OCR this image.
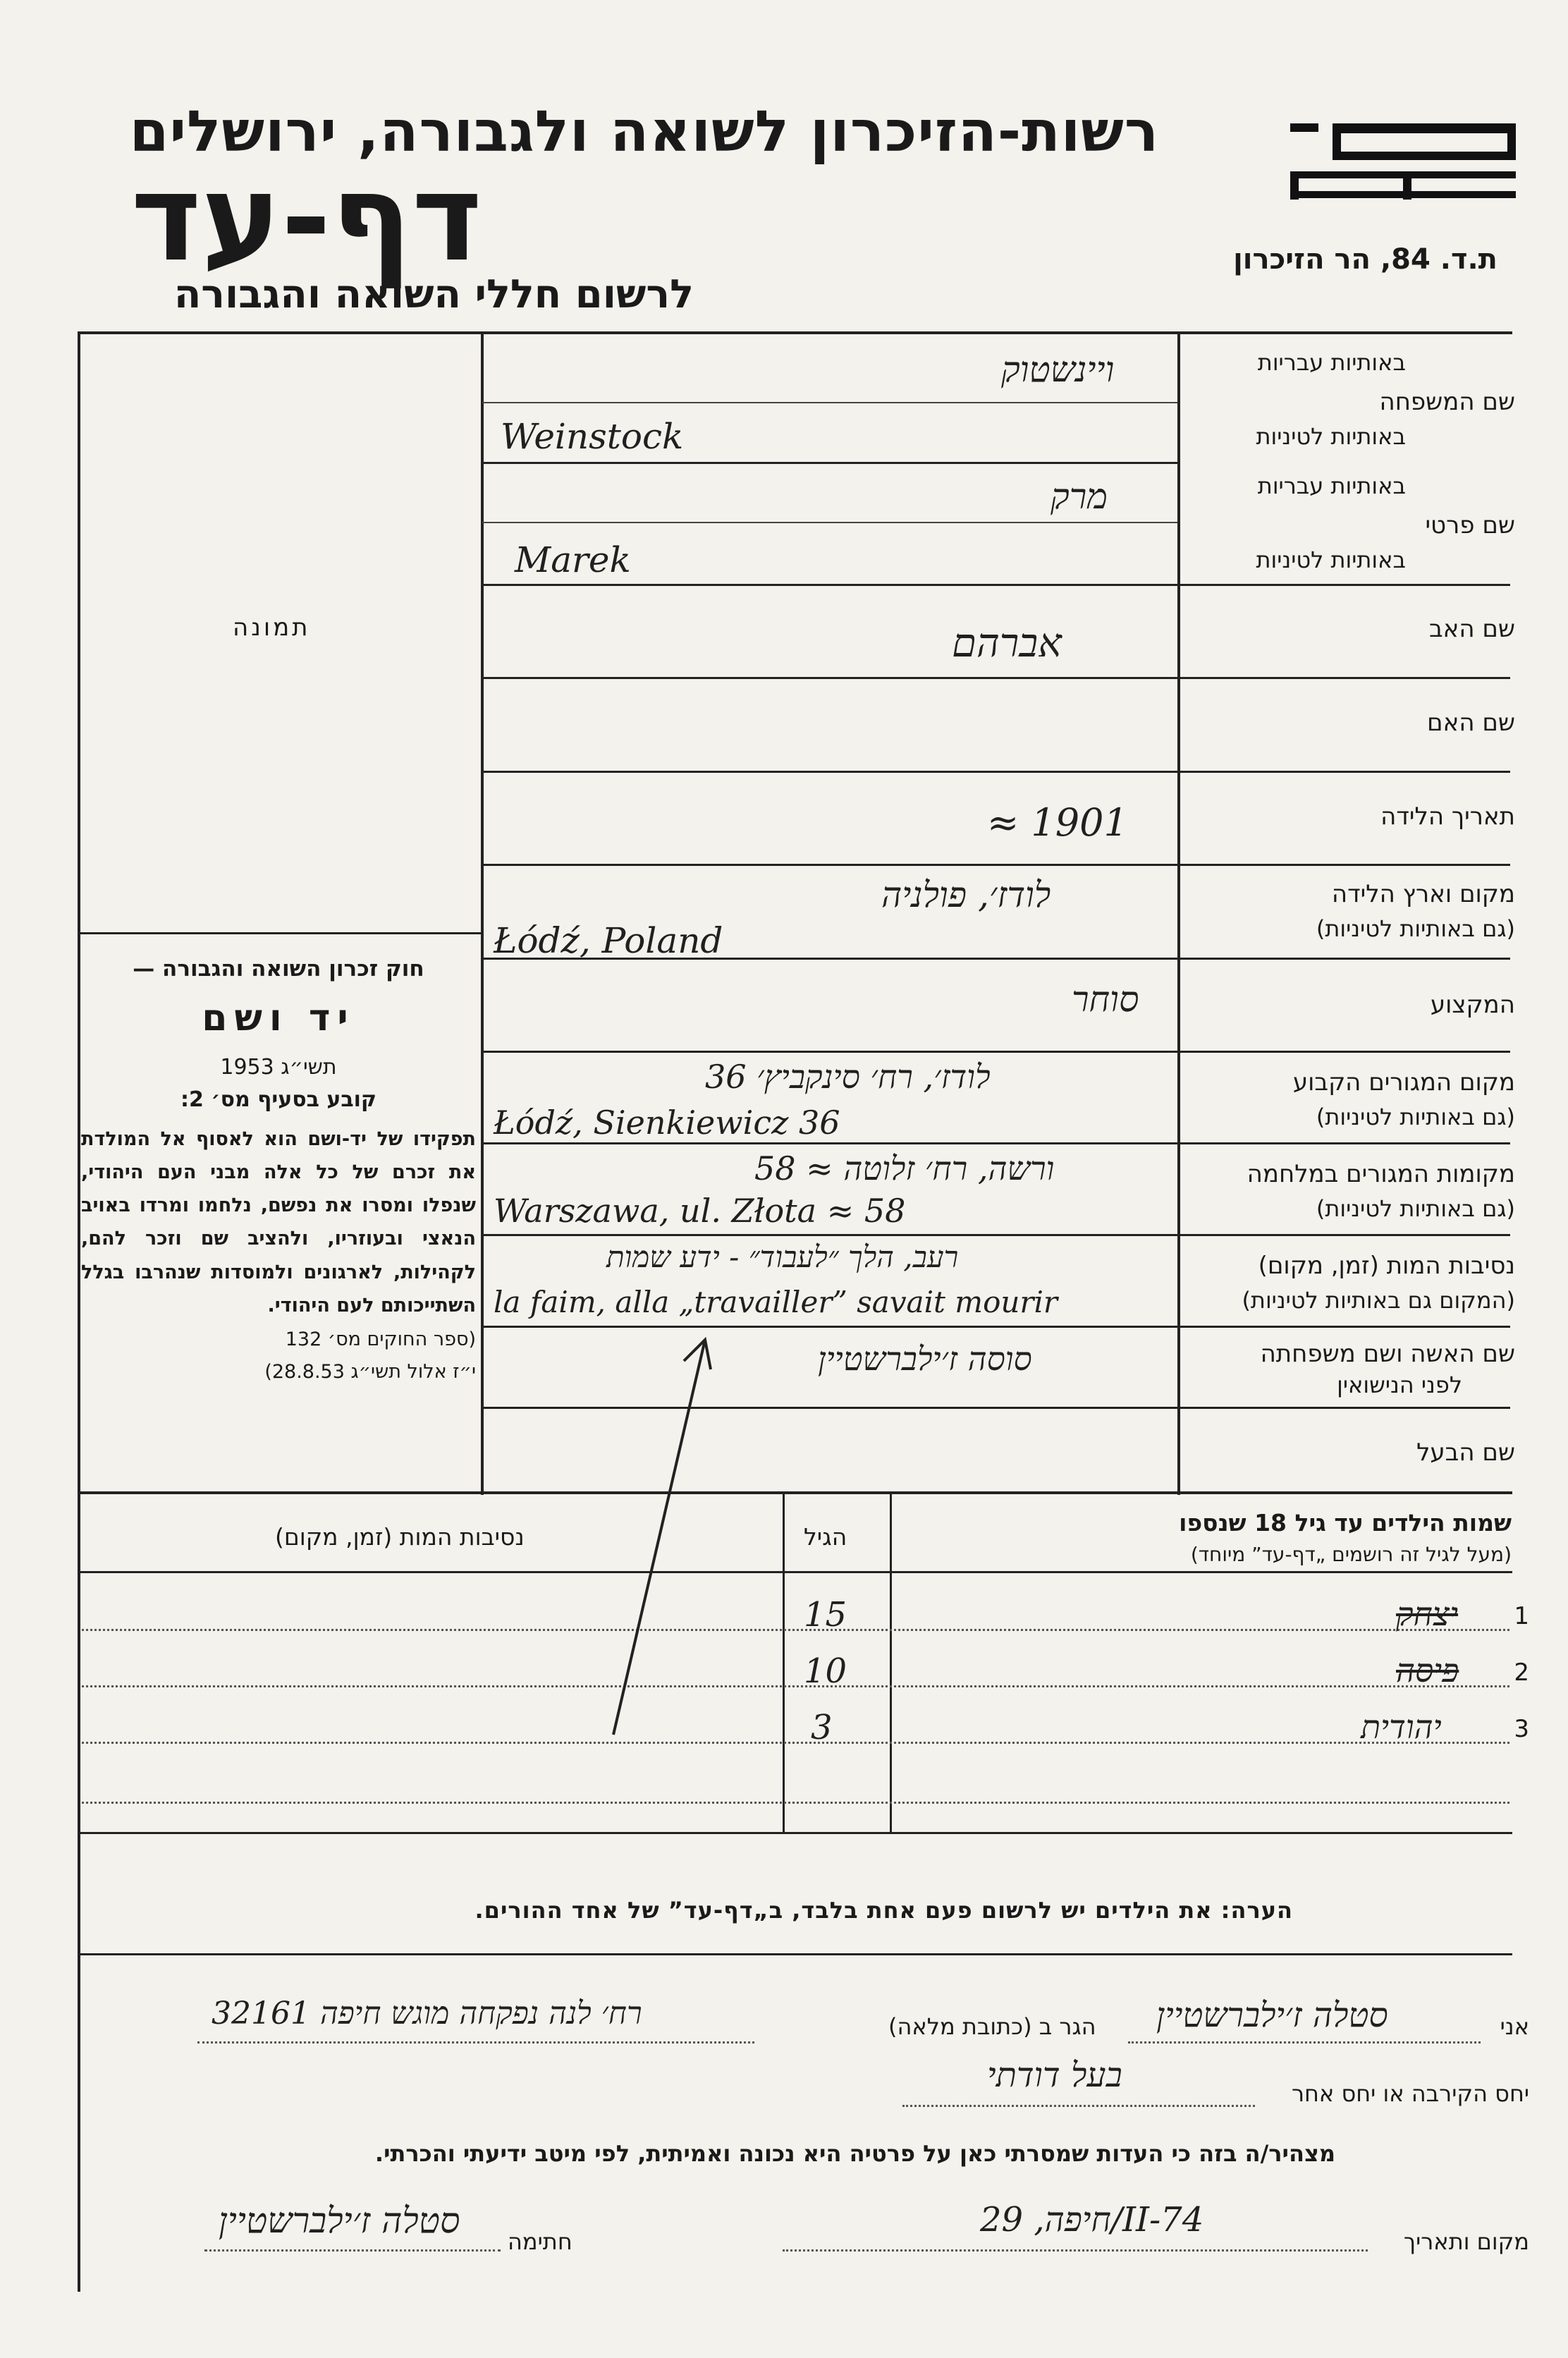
רשות-הזיכרון לשואה ולגבורה, ירושלים
דף-עד
לרשום חללי השואה והגבורה
ת.ד. 84, הר הזיכרון
באותיות עבריות
שם המשפחה
באותיות לטיניות
באותיות עבריות
שם פרטי
באותיות לטיניות
שם האב
שם האם
תאריך הלידה
מקום וארץ הלידה
(גם באותיות לטיניות)
המקצוע
מקום המגורים הקבוע
(גם באותיות לטיניות)
מקומות המגורים במלחמה
(גם באותיות לטיניות)
נסיבות המות (זמן, מקום)
(המקום גם באותיות לטיניות)
שם האשה ושם משפחתה
לפני הנישואין
שם הבעל
ויינשטוק
Weinstock
מרק
Marek
אברהם
≈ 1901
לודז׳, פולניה
Łódź, Poland
סוחר
לודז׳, רח׳ סינקביץ׳ 36
Łódź, Sienkiewicz 36
ורשה, רח׳ זלוטה ≈ 58
Warszawa, ul. Złota ≈ 58
רעב, הלך ״לעבוד״ - ידע שמות
la faim, alla „travailler” savait mourir
סוסה ז׳ילברשטיין
תמונה
חוק זכרון השואה והגבורה —
יד ושם
תשי״ג 1953
קובע בסעיף מס׳ 2:
תפקידו של יד-ושם הוא לאסוף אל המולדת את זכרם של כל אלה מבני העם היהודי, שנפלו ומסרו את נפשם, נלחמו ומרדו באויב הנאצי ובעוזריו, ולהציב שם וזכר להם, לקהילות, לארגונים ולמוסדות שנהרבו בגלל השתייכותם לעם היהודי.
(ספר החוקים מס׳ 132
י״ז אלול תשי״ג 28.8.53)
שמות הילדים עד גיל 18 שנספו
(מעל לגיל זה רושמים „דף-עד” מיוחד)
הגיל
נסיבות המות (זמן, מקום)
1
יצחק
15
2
פיסה
10
3
יהודית
3
הערה: את הילדים יש לרשום פעם אחת בלבד, ב„דף-עד” של אחד ההורים.
אני
סטלה ז׳ילברשטיין
הגר ב (כתובת מלאה)
רח׳ לנה נפקחה מוגש חיפה 32161
יחס הקירבה או יחס אחר
בעל דודתי
מצהיר/ה בזה כי העדות שמסרתי כאן על פרטיה היא נכונה ואמיתית, לפי מיטב ידיעתי והכרתי.
מקום ותאריך
חיפה, 29/II-74
חתימה
סטלה ז׳ילברשטיין
